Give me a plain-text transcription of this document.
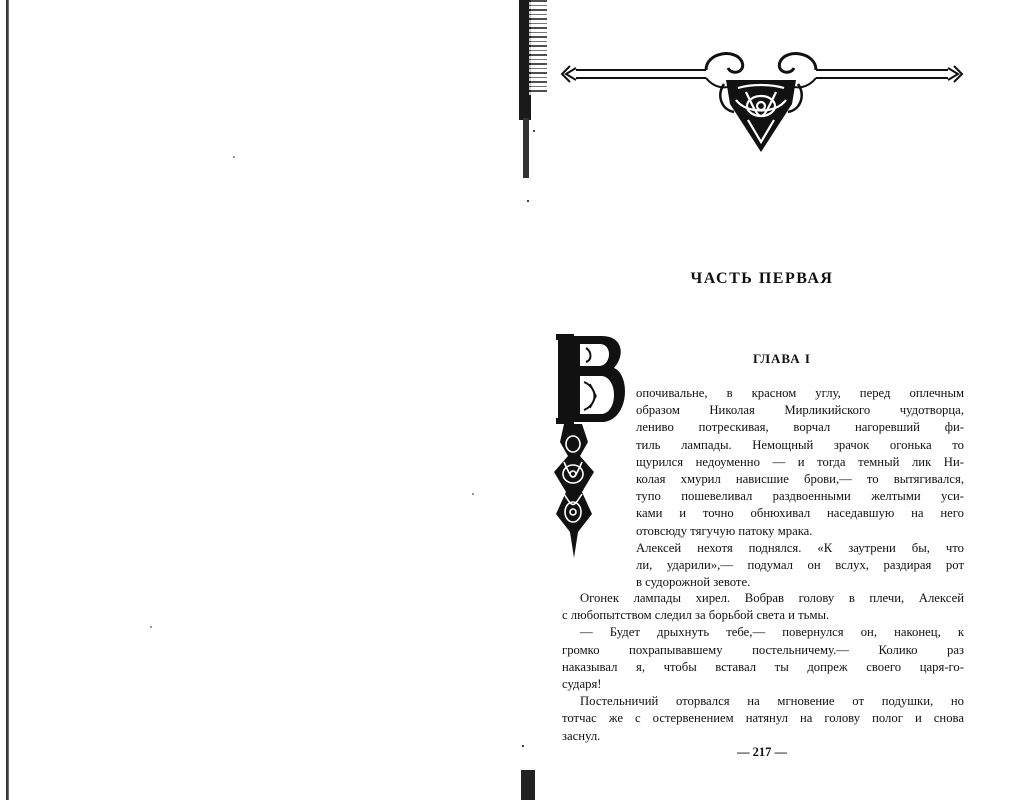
ЧАСТЬ ПЕРВАЯ
ГЛАВА I
опочивальне, в красном углу, перед оплечным
образом Николая Мирликийского чудотворца,
лениво потрескивая, ворчал нагоревший фи-
тиль лампады. Немощный зрачок огонька то
щурился недоуменно — и тогда темный лик Ни-
колая хмурил нависшие брови,— то вытягивался,
тупо пошевеливал раздвоенными желтыми уси-
ками и точно обнюхивал наседавшую на него
отовсюду тягучую патоку мрака.
Алексей нехотя поднялся. «К заутрени бы, что
ли, ударили»,— подумал он вслух, раздирая рот
в судорожной зевоте.
Огонек лампады хирел. Вобрав голову в плечи, Алексей
с любопытством следил за борьбой света и тьмы.
— Будет дрыхнуть тебе,— повернулся он, наконец, к
громко похрапывавшему постельничему.— Колико раз
наказывал я, чтобы вставал ты допреж своего царя-го-
сударя!
Постельничий оторвался на мгновение от подушки, но
тотчас же с остервенением натянул на голову полог и снова
заснул.
— 217 —
